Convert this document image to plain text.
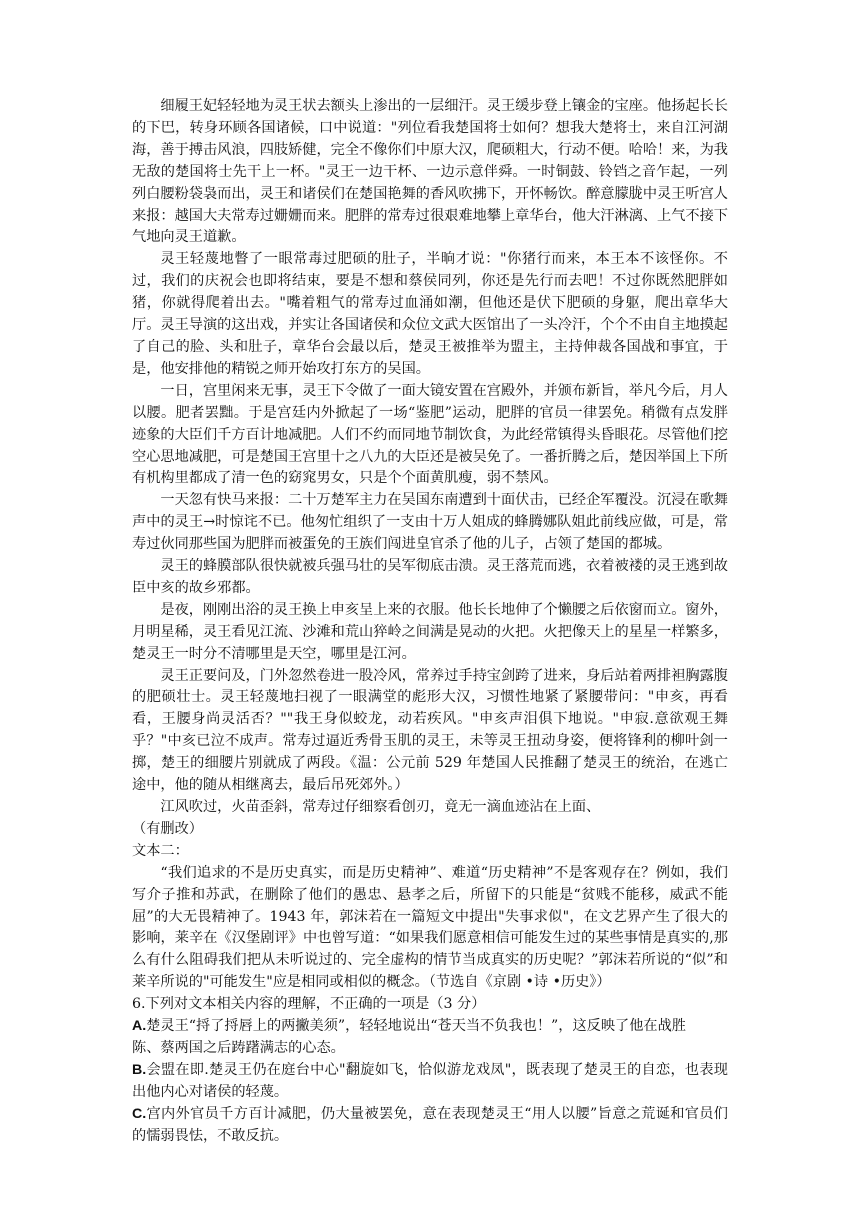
细履王妃轻轻地为灵王状去额头上渗出的一层细汗。灵王缓步登上镶金的宝座。他扬起长长的下巴，转身环顾各国诸候，口中说道："列位看我楚国将士如何？想我大楚将士，来自江河湖海，善于搏击风浪，四肢矫健，完全不像你们中原大汉，爬硕粗大，行动不便。哈哈！来，为我无敌的楚国将士先干上一杯。"灵王一边干杯、一边示意伴舜。一时铜鼓、铃铛之音乍起，一列列白腰粉袋袅而出，灵王和诸侯们在楚国艳舞的香风吹拂下，开怀畅饮。醉意朦胧中灵王听宫人来报：越国大夫常寿过姗姗而来。肥胖的常寿过很艰难地攀上章华台，他大汗淋漓、上气不接下气地向灵王道歉。

灵王轻蔑地瞥了一眼常毒过肥硕的肚子，半晌才说："你猪行而来，本王本不该怪你。不过，我们的庆祝会也即将结束，要是不想和蔡侯同列，你还是先行而去吧！不过你既然肥胖如猪，你就得爬着出去。"嘴着粗气的常寿过血涌如潮，但他还是伏下肥硕的身躯，爬出章华大厅。灵王导演的这出戏，并实让各国诸侯和众位文武大医馆出了一头冷汗，个个不由自主地摸起了自己的脸、头和肚子，章华台会最以后，楚灵王被推举为盟主，主持伸裁各国战和事宜，于是，他安排他的精锐之师开始攻打东方的吴国。

一日，宫里闲来无事，灵王下令做了一面大镜安置在宫殿外，并颁布新旨，举凡今后，月人以腰。肥者罢黜。于是宫廷内外掀起了一场“鉴肥”运动，肥胖的官员一律罢免。稍微有点发胖迹象的大臣们千方百计地减肥。人们不约而同地节制饮食，为此经常镇得头昏眼花。尽管他们挖空心思地减肥，可是楚国王宫里十之八九的大臣还是被吴免了。一番折腾之后，楚因举国上下所有机构里都成了清一色的窈窕男女，只是个个面黄肌瘦，弱不禁风。

一天忽有快马来报：二十万楚军主力在吴国东南遭到十面伏击，已经企军覆没。沉浸在歌舞声中的灵王→时惊诧不已。他匆忙组织了一支由十万人姐成的蜂腾娜队姐此前线应做，可是，常寿过伙同那些国为肥胖而被蛋免的王族们闯进皇官杀了他的儿子，占领了楚国的都城。

灵王的蜂膜部队很快就被兵强马壮的吴军彻底击溃。灵王落荒而逃，衣着被褛的灵王逃到故臣中亥的故乡邪都。

是夜，刚刚出浴的灵王换上申亥呈上来的衣服。他长长地伸了个懒腰之后依窗而立。窗外，月明星稀，灵王看见江流、沙滩和荒山猝岭之间满是晃动的火把。火把像天上的星星一样繁多，楚灵王一时分不清哪里是天空，哪里是江河。

灵王正要问及，门外忽然卷进一股冷风，常养过手持宝剑跨了进来，身后站着两排袒胸露腹的肥硕壮士。灵王轻蔑地扫视了一眼满堂的彪形大汉，习惯性地紧了紧腰带问："申亥，再看看，王腰身尚灵活否？""我王身似蛟龙，动若疾风。"申亥声泪俱下地说。"申寂.意欲观王舞乎？"中亥已泣不成声。常寿过逼近秀骨玉肌的灵王，未等灵王扭动身姿，便将锋利的柳叶剑一掷，楚王的细腰片别就成了两段。《温：公元前 529 年楚国人民推翻了楚灵王的统治，在逃亡途中，他的随从相继离去，最后吊死郊外。）

江风吹过，火苗歪斜，常寿过仔细察看创刃，竟无一滴血迹沾在上面、

（有删改）

文本二：

“我们追求的不是历史真实，而是历史精神”、难道“历史精神”不是客观存在？例如，我们写介子推和苏武，在删除了他们的愚忠、悬孝之后，所留下的只能是“贫贱不能移，威武不能屈”的大无畏精神了。1943 年，郭沫若在一篇短文中提出"失事求似"，在文艺界产生了很大的影响，莱辛在《汉堡剧评》中也曾写道：“如果我们愿意相信可能发生过的某些事情是真实的,那么有什么阻碍我们把从未听说过的、完全虚构的情节当成真实的历史呢？”郭沫若所说的“似”和莱辛所说的"可能发生"应是相同或相似的概念。（节选自《京剧 •诗 •历史》）

6.下列对文本相关内容的理解，不正确的一项是（3 分）

A.楚灵王“捋了捋唇上的两撇美须”，轻轻地说出“苍天当不负我也！”，这反映了他在战胜

陈、蔡两国之后踌躇满志的心态。

B.会盟在即.楚灵王仍在庭台中心"翻旋如飞，恰似游龙戏凤"，既表现了楚灵王的自恋，也表现出他内心对诸侯的轻蔑。

C.宫内外官员千方百计减肥，仍大量被罢免，意在表现楚灵王“用人以腰”旨意之荒诞和官员们的懦弱畏怯，不敢反抗。
